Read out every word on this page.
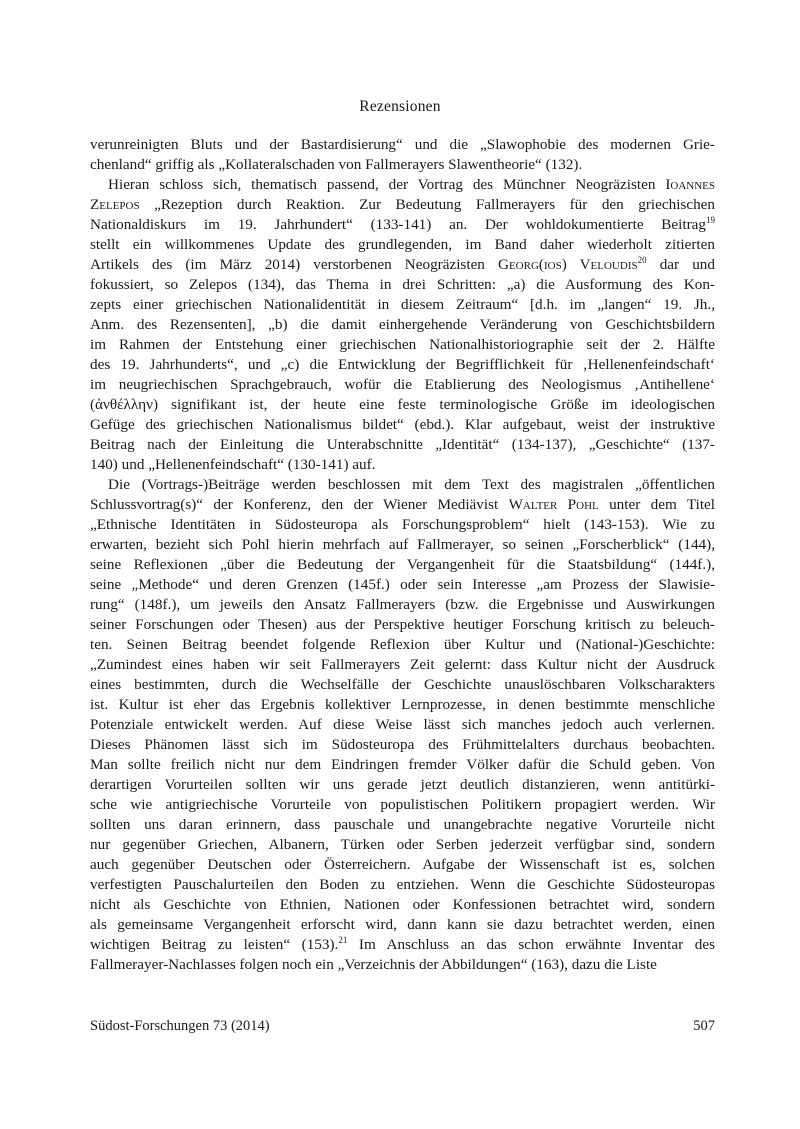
Rezensionen
verunreinigten Bluts und der Bastardisierung“ und die „Slawophobie des modernen Grie-
chenland“ griffig als „Kollateralschaden von Fallmerayers Slawentheorie“ (132).
Hieran schloss sich, thematisch passend, der Vortrag des Münchner Neogräzisten Ioannes
Zelepos „Rezeption durch Reaktion. Zur Bedeutung Fallmerayers für den griechischen
Nationaldiskurs im 19. Jahrhundert“ (133-141) an. Der wohldokumentierte Beitrag$^{19}$
stellt ein willkommenes Update des grundlegenden, im Band daher wiederholt zitierten
Artikels des (im März 2014) verstorbenen Neogräzisten Georg(ios) Veloudis$^{20}$ dar und
fokussiert, so Zelepos (134), das Thema in drei Schritten: „a) die Ausformung des Kon-
zepts einer griechischen Nationalidentität in diesem Zeitraum“ [d.h. im „langen“ 19. Jh.,
Anm. des Rezensenten], „b) die damit einhergehende Veränderung von Geschichtsbildern
im Rahmen der Entstehung einer griechischen Nationalhistoriographie seit der 2. Hälfte
des 19. Jahrhunderts“, und „c) die Entwicklung der Begrifflichkeit für ‚Hellenenfeindschaft‘
im neugriechischen Sprachgebrauch, wofür die Etablierung des Neologismus ‚Antihellene‘
(ἀνθέλλην) signifikant ist, der heute eine feste terminologische Größe im ideologischen
Gefüge des griechischen Nationalismus bildet“ (ebd.). Klar aufgebaut, weist der instruktive
Beitrag nach der Einleitung die Unterabschnitte „Identität“ (134-137), „Geschichte“ (137-
140) und „Hellenenfeindschaft“ (130-141) auf.
Die (Vortrags-)Beiträge werden beschlossen mit dem Text des magistralen „öffentlichen
Schlussvortrag(s)“ der Konferenz, den der Wiener Mediävist Walter Pohl unter dem Titel
„Ethnische Identitäten in Südosteuropa als Forschungsproblem“ hielt (143-153). Wie zu
erwarten, bezieht sich Pohl hierin mehrfach auf Fallmerayer, so seinen „Forscherblick“ (144),
seine Reflexionen „über die Bedeutung der Vergangenheit für die Staatsbildung“ (144f.),
seine „Methode“ und deren Grenzen (145f.) oder sein Interesse „am Prozess der Slawisie-
rung“ (148f.), um jeweils den Ansatz Fallmerayers (bzw. die Ergebnisse und Auswirkungen
seiner Forschungen oder Thesen) aus der Perspektive heutiger Forschung kritisch zu beleuch-
ten. Seinen Beitrag beendet folgende Reflexion über Kultur und (National-)Geschichte:
„Zumindest eines haben wir seit Fallmerayers Zeit gelernt: dass Kultur nicht der Ausdruck
eines bestimmten, durch die Wechselfälle der Geschichte unauslöschbaren Volkscharakters
ist. Kultur ist eher das Ergebnis kollektiver Lernprozesse, in denen bestimmte menschliche
Potenziale entwickelt werden. Auf diese Weise lässt sich manches jedoch auch verlernen.
Dieses Phänomen lässt sich im Südosteuropa des Frühmittelalters durchaus beobachten.
Man sollte freilich nicht nur dem Eindringen fremder Völker dafür die Schuld geben. Von
derartigen Vorurteilen sollten wir uns gerade jetzt deutlich distanzieren, wenn antitürki-
sche wie antigriechische Vorurteile von populistischen Politikern propagiert werden. Wir
sollten uns daran erinnern, dass pauschale und unangebrachte negative Vorurteile nicht
nur gegenüber Griechen, Albanern, Türken oder Serben jederzeit verfügbar sind, sondern
auch gegenüber Deutschen oder Österreichern. Aufgabe der Wissenschaft ist es, solchen
verfestigten Pauschalurteilen den Boden zu entziehen. Wenn die Geschichte Südosteuropas
nicht als Geschichte von Ethnien, Nationen oder Konfessionen betrachtet wird, sondern
als gemeinsame Vergangenheit erforscht wird, dann kann sie dazu betrachtet werden, einen
wichtigen Beitrag zu leisten“ (153).$^{21}$ Im Anschluss an das schon erwähnte Inventar des
Fallmerayer-Nachlasses folgen noch ein „Verzeichnis der Abbildungen“ (163), dazu die Liste
Südost-Forschungen 73 (2014)	507
